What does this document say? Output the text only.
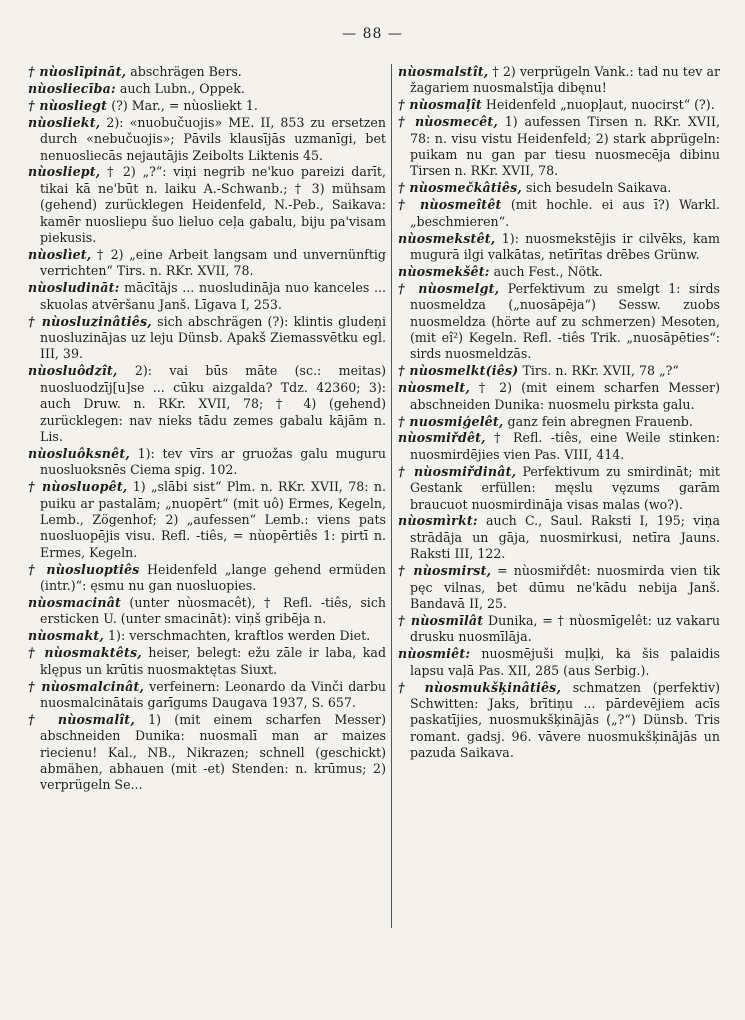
— 88 —
† nùoslīpināt, abschrägen Bers.
nùosliecība: auch Lubn., Oppek.
† nùosliegt (?) Mar., = nùosliekt 1.
nùosliekt, 2): «nuobučuojis» ME. II, 853 zu ersetzen durch «nebučuojis»; Pāvils klausījās uzmanīgi, bet nenuosliecās nejautājis Zeibolts Liktenis 45.
nùosliept, † 2) „?“: viņi negrib ne'kuo pareizi darīt, tikai kā ne'būt n. laiku A.-Schwanb.; † 3) mühsam (gehend) zurücklegen Heidenfeld, N.-Peb., Saikava: kamēr nuosliepu šuo lieluo ceļa gabalu, biju pa'visam piekusis.
nùoslìet, † 2) „eine Arbeit langsam und unvernünftig verrichten“ Tirs. n. RKr. XVII, 78.
nùosludināt: mācītājs ... nuosludināja nuo kanceles ... skuolas atvēršanu Janš. Līgava I, 253.
† nùosluzinâtiês, sich abschrägen (?): klintis gludeņi nuosluzinājas uz leju Dünsb. Apakš Ziemassvētku egl. III, 39.
nùosluôdzît, 2): vai būs māte (sc.: meitas) nuosluodzīj[u]se ... cūku aizgalda? Tdz. 42360; 3): auch Druw. n. RKr. XVII, 78; † 4) (gehend) zurücklegen: nav nieks tādu zemes gabalu kājām n. Lis.
nùosluôksnêt, 1): tev vīrs ar gruožas galu muguru nuosluoksnēs Ciema spig. 102.
† nùosluopêt, 1) „slābi sist“ Plm. n. RKr. XVII, 78: n. puiku ar pastalām; „nuopērt“ (mit uô) Ermes, Kegeln, Lemb., Zögenhof; 2) „aufessen“ Lemb.: viens pats nuosluopējis visu. Refl. -tiês, = nùopērtiês 1: pirtī n. Ermes, Kegeln.
† nùosluoptiês Heidenfeld „lange gehend ermüden (intr.)“: ęsmu nu gan nuosluopies.
nùosmacinât (unter nùosmacêt), † Refl. -tiês, sich ersticken U. (unter smacināt): viņš gribēja n.
nùosmakt, 1): verschmachten, kraftlos werden Diet.
† nùosmaktêts, heiser, belegt: ežu zāle ir laba, kad klępus un krūtis nuosmaktętas Siuxt.
† nùosmalcinât, verfeinern: Leonardo da Vinči darbu nuosmalcinātais garīgums Daugava 1937, S. 657.
† nùosmalît, 1) (mit einem scharfen Messer) abschneiden Dunika: nuosmalī man ar maizes riecienu! Kal., NB., Nikrazen; schnell (geschickt) abmähen, abhauen (mit -et) Stenden: n. krūmus; 2) verprügeln Se...
nùosmalstît, † 2) verprügeln Vank.: tad nu tev ar žagariem nuosmalstīja dibęnu!
† nùosmaļît Heidenfeld „nuopļaut, nuocirst“ (?).
† nùosmecêt, 1) aufessen Tirsen n. RKr. XVII, 78: n. visu vistu Heidenfeld; 2) stark abprügeln: puikam nu gan par tiesu nuosmecēja dibinu Tirsen n. RKr. XVII, 78.
† nùosmečkâtiês, sich besudeln Saikava.
† nùosmeîtêt (mit hochle. ei aus ī?) Warkl. „beschmieren“.
nùosmekstêt, 1): nuosmekstējis ir cilvēks, kam mugurā ilgi valkātas, netīrītas drēbes Grünw.
nùosmekšêt: auch Fest., Nötk.
† nùosmelgt, Perfektivum zu smelgt 1: sirds nuosmeldza („nuosāpēja“) Sessw. zuobs nuosmeldza (hörte auf zu schmerzen) Mesoten, (mit eî²) Kegeln. Refl. -tiês Trik. „nuosāpēties“: sirds nuosmeldzās.
† nùosmelkt(iês) Tirs. n. RKr. XVII, 78 „?“
nùosmelt, † 2) (mit einem scharfen Messer) abschneiden Dunika: nuosmelu pirksta galu.
† nuosmiģelêt, ganz fein abregnen Frauenb.
nùosmiřdêt, † Refl. -tiês, eine Weile stinken: nuosmirdējies vien Pas. VIII, 414.
† nùosmiřdinât, Perfektivum zu smirdināt; mit Gestank erfüllen: męslu vęzums garām braucuot nuosmirdināja visas malas (wo?).
nùosmìrkt: auch C., Saul. Raksti I, 195; viņa strādāja un gāja, nuosmirkusi, netīra Jauns. Raksti III, 122.
† nùosmirst, = nùosmiřdêt: nuosmirda vien tik pęc vilnas, bet dūmu ne'kādu nebija Janš. Bandavā II, 25.
† nùosmīlât Dunika, = † nùosmīgelêt: uz vakaru drusku nuosmīlāja.
nùosmiêt: nuosmējuši muļķi, ka šis palaidis lapsu vaļā Pas. XII, 285 (aus Serbig.).
† nùosmukšķinâtiês, schmatzen (perfektiv) Schwitten: Jaks, brītiņu ... pārdevējiem acīs paskatījies, nuosmukšķinājās („?“) Dünsb. Tris romant. gadsj. 96. vāvere nuosmukšķinājās un pazuda Saikava.
